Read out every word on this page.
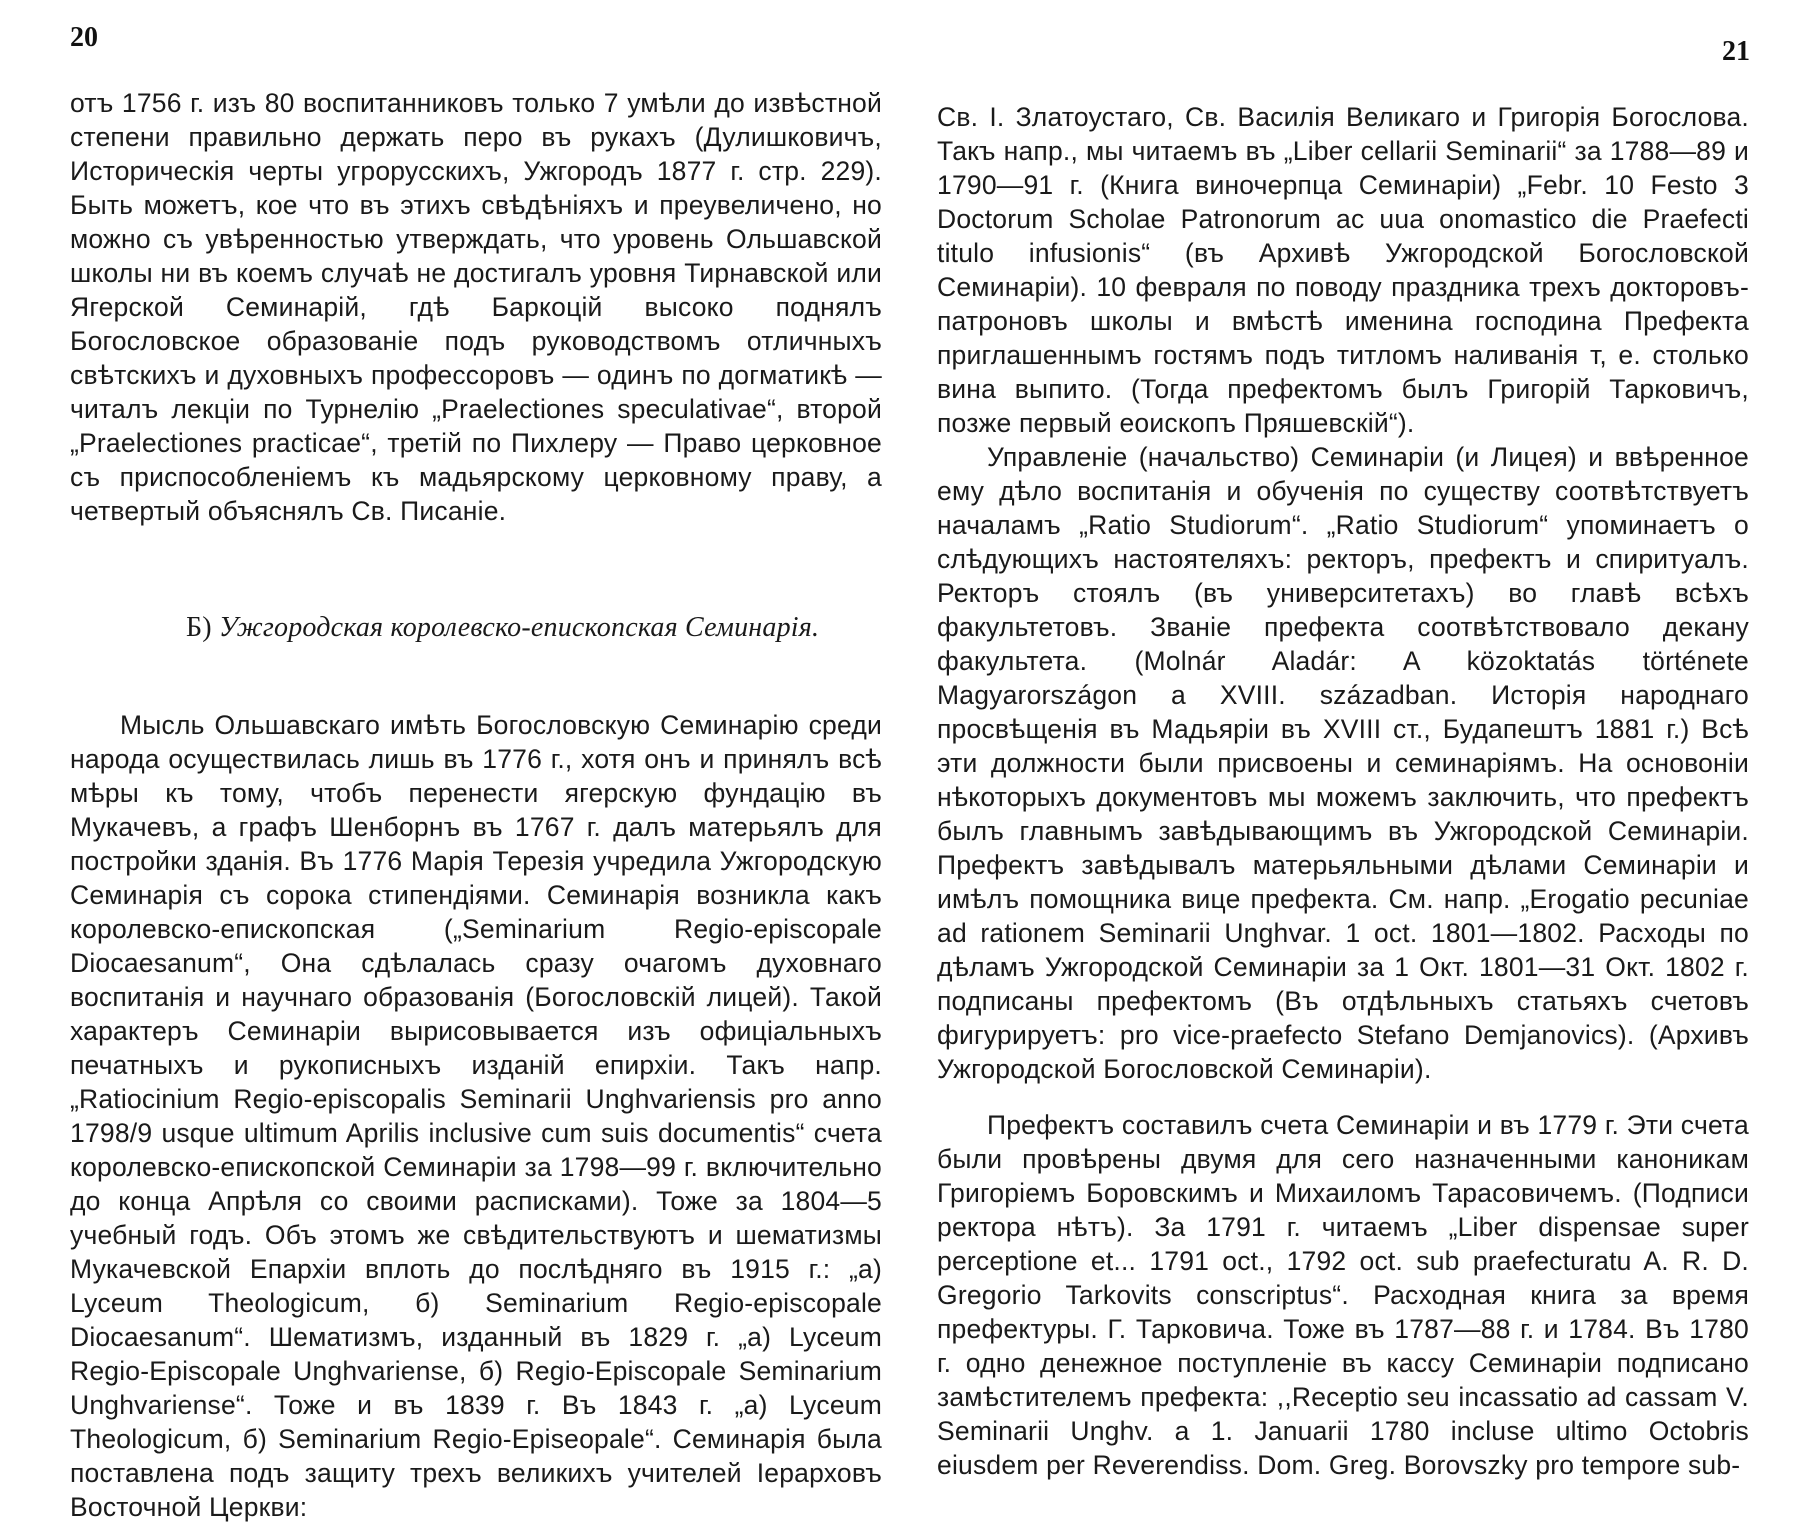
20

отъ 1756 г. изъ 80 воспитанниковъ только 7 умѣли до извѣстной степени правильно держать перо въ рукахъ (Дулишковичъ, Историческія черты угрорусскихъ, Ужгородъ 1877 г. стр. 229). Быть можетъ, кое что въ этихъ свѣдѣніяхъ и преувеличено, но можно съ увѣренностью утверждать, что уровень Ольшавской школы ни въ коемъ случаѣ не достигалъ уровня Тирнавской или Ягерской Семинарій, гдѣ Баркоцій высоко поднялъ Богословское образованіе подъ руководствомъ отличныхъ свѣтскихъ и духовныхъ профессоровъ — одинъ по догматикѣ — читалъ лекціи по Турнелію „Praelectiones speculativae“, второй „Praelectiones practicae“, третій по Пихлеру — Право церковное съ приспособленіемъ къ мадьярскому церковному праву, а четвертый объяснялъ Св. Писаніе.

Б) Ужгородская королевско-епископская Семинарія.

Мысль Ольшавскаго имѣть Богословскую Семинарію среди народа осуществилась лишь въ 1776 г., хотя онъ и принялъ всѣ мѣры къ тому, чтобъ перенести ягерскую фундацію въ Мукачевъ, а графъ Шенборнъ въ 1767 г. далъ матерьялъ для постройки зданія. Въ 1776 Марія Терезія учредила Ужгородскую Семинарія съ сорока стипендіями. Семинарія возникла какъ королевско-епископская („Seminarium Regio-episcopale Diocaesanum“, Она сдѣлалась сразу очагомъ духовнаго воспитанія и научнаго образованія (Богословскій лицей). Такой характеръ Семинаріи вырисовывается изъ офиціальныхъ печатныхъ и рукописныхъ изданій епирхіи. Такъ напр. „Ratiocinium Regio-episcopalis Seminarii Unghvariensis pro anno 1798/9 usque ultimum Aprilis inclusive cum suis documentis“ счета королевско-епископской Семинаріи за 1798—99 г. включительно до конца Апрѣля со своими расписками). Тоже за 1804—5 учебный годъ. Объ этомъ же свѣдительствуютъ и шематизмы Мукачевской Епархіи вплоть до послѣдняго въ 1915 г.: „а) Lyceum Theologicum, б) Seminarium Regio-episcopale Diocaesanum“. Шематизмъ, изданный въ 1829 г. „а) Lyceum Regio-Episcopale Unghvariense, б) Regio-Episcopale Seminarium Unghvariense“. Тоже и въ 1839 г. Въ 1843 г. „а) Lyceum Theologicum, б) Seminarium Regio-Episeopale“. Семинарія была поставлена подъ защиту трехъ великихъ учителей Іерарховъ Восточной Церкви:

21

Св. І. Златоустаго, Св. Василія Великаго и Григорія Богослова. Такъ напр., мы читаемъ въ „Liber cellarii Seminarii“ за 1788—89 и 1790—91 г. (Книга виночерпца Семинаріи) „Febr. 10 Festo 3 Doctorum Scholae Patronorum ac uua onomastico die Praefecti titulo infusionis“ (въ Архивѣ Ужгородской Богословской Семинаріи). 10 февраля по поводу праздника трехъ докторовъ-патроновъ школы и вмѣстѣ именина господина Префекта приглашеннымъ гостямъ подъ титломъ наливанія т, е. столько вина выпито. (Тогда префектомъ былъ Григорій Тарковичъ, позже первый еоископъ Пряшевскій“).

Управленіе (начальство) Семинаріи (и Лицея) и ввѣренное ему дѣло воспитанія и обученія по существу соотвѣтствуетъ началамъ „Ratio Studiorum“. „Ratio Studiorum“ упоминаетъ о слѣдующихъ настоятеляхъ: ректоръ, префектъ и спиритуалъ. Ректоръ стоялъ (въ университетахъ) во главѣ всѣхъ факультетовъ. Званіе префекта соотвѣтствовало декану факультета. (Molnár Aladár: A közoktatás története Magyarországon a XVIII. században. Исторія народнаго просвѣщенія въ Мадьяріи въ XVIII ст., Будапештъ 1881 г.) Всѣ эти должности были присвоены и семинаріямъ. На основоніи нѣкоторыхъ документовъ мы можемъ заключить, что префектъ былъ главнымъ завѣдывающимъ въ Ужгородской Семинаріи. Префектъ завѣдывалъ матерьяльными дѣлами Семинаріи и имѣлъ помощника вице префекта. См. напр. „Erogatio pecuniae ad rationem Seminarii Unghvar. 1 oct. 1801—1802. Расходы по дѣламъ Ужгородской Семинаріи за 1 Окт. 1801—31 Окт. 1802 г. подписаны префектомъ (Въ отдѣльныхъ статьяхъ счетовъ фигурируетъ: pro vice-praefecto Stefano Demjanovics). (Архивъ Ужгородской Богословской Семинаріи).

Префектъ составилъ счета Семинаріи и въ 1779 г. Эти счета были провѣрены двумя для сего назначенными каноникам Григоріемъ Боровскимъ и Михаиломъ Тарасовичемъ. (Подписи ректора нѣтъ). За 1791 г. читаемъ „Liber dispensae super perceptione et... 1791 oct., 1792 oct. sub praefecturatu A. R. D. Gregorio Tarkovits conscriptus“. Расходная книга за время префектуры. Г. Тарковича. Тоже въ 1787—88 г. и 1784. Въ 1780 г. одно денежное поступленіе въ кассу Семинаріи подписано замѣстителемъ префекта: ,,Receptio seu incassatio ad cassam V. Seminarii Unghv. a 1. Januarii 1780 incluse ultimo Octobris eiusdem per Reverendiss. Dom. Greg. Borovszky pro tempore sub-
